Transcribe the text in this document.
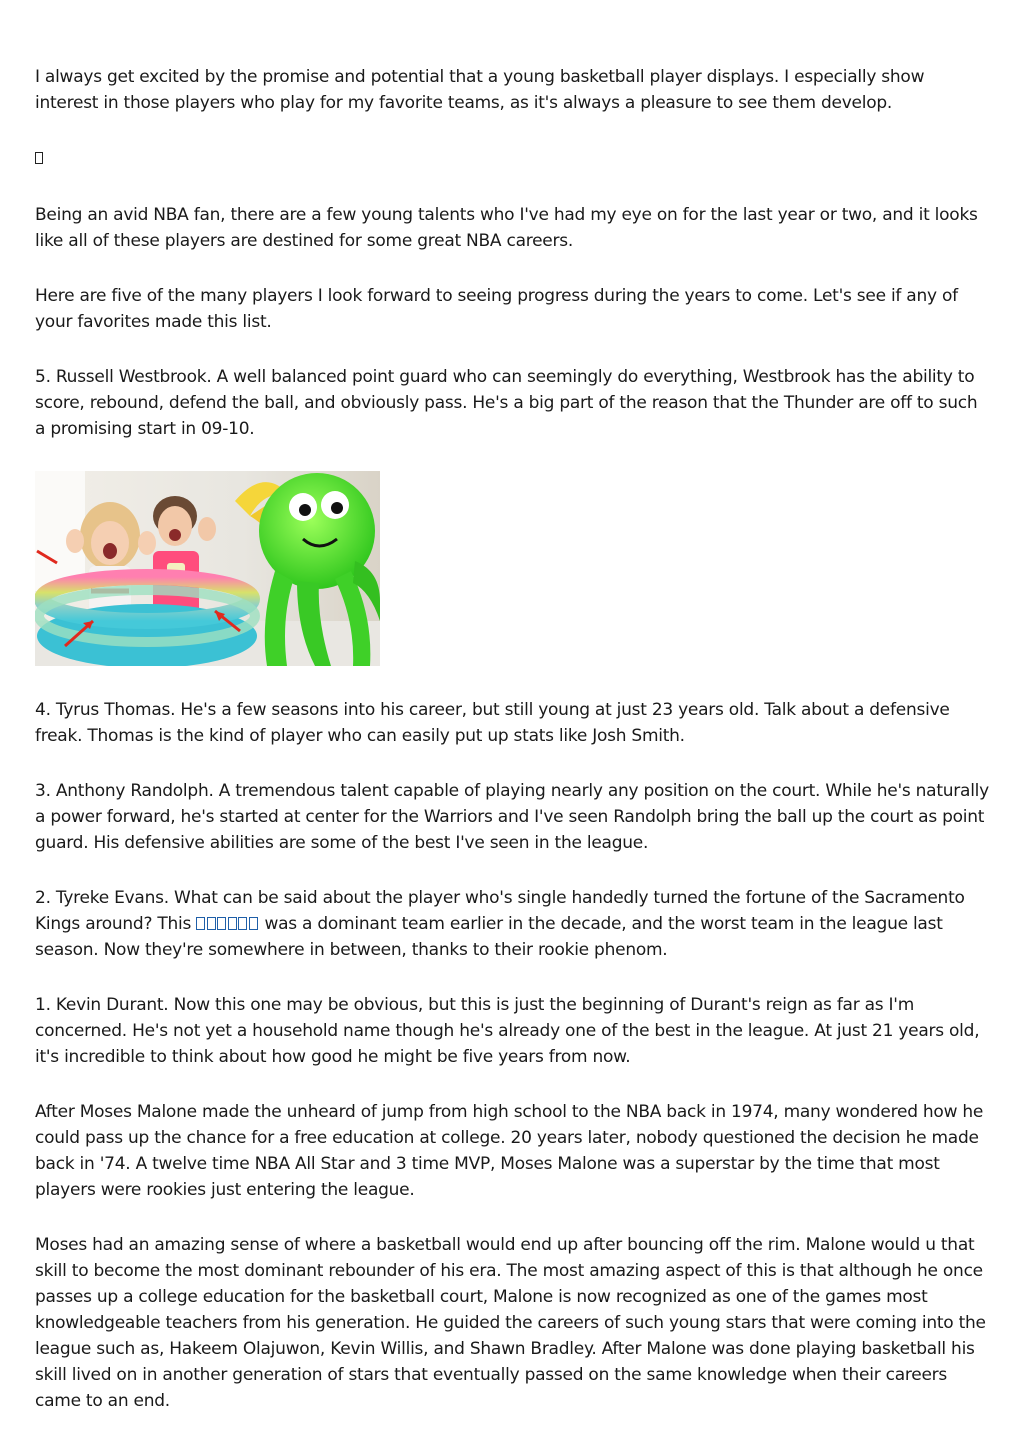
I always get excited by the promise and potential that a young basketball player displays. I especially show interest in those players who play for my favorite teams, as it's always a pleasure to see them develop.

Being an avid NBA fan, there are a few young talents who I've had my eye on for the last year or two, and it looks like all of these players are destined for some great NBA careers.

Here are five of the many players I look forward to seeing progress during the years to come. Let's see if any of your favorites made this list.

5. Russell Westbrook. A well balanced point guard who can seemingly do everything, Westbrook has the ability to score, rebound, defend the ball, and obviously pass. He's a big part of the reason that the Thunder are off to such a promising start in 09-10.

4. Tyrus Thomas. He's a few seasons into his career, but still young at just 23 years old. Talk about a defensive freak. Thomas is the kind of player who can easily put up stats like Josh Smith.

3. Anthony Randolph. A tremendous talent capable of playing nearly any position on the court. While he's naturally a power forward, he's started at center for the Warriors and I've seen Randolph bring the ball up the court as point guard. His defensive abilities are some of the best I've seen in the league.

2. Tyreke Evans. What can be said about the player who's single handedly turned the fortune of the Sacramento Kings around? This	was a dominant team earlier in the decade, and the worst team in the league last season. Now they're somewhere in between, thanks to their rookie phenom.

1. Kevin Durant. Now this one may be obvious, but this is just the beginning of Durant's reign as far as I'm concerned. He's not yet a household name though he's already one of the best in the league. At just 21 years old, it's incredible to think about how good he might be five years from now.

After Moses Malone made the unheard of jump from high school to the NBA back in 1974, many wondered how he could pass up the chance for a free education at college. 20 years later, nobody questioned the decision he made back in '74. A twelve time NBA All Star and 3 time MVP, Moses Malone was a superstar by the time that most players were rookies just entering the league.

Moses had an amazing sense of where a basketball would end up after bouncing off the rim. Malone would u that skill to become the most dominant rebounder of his era. The most amazing aspect of this is that although he once passes up a college education for the basketball court, Malone is now recognized as one of the games most knowledgeable teachers from his generation. He guided the careers of such young stars that were coming into the league such as, Hakeem Olajuwon, Kevin Willis, and Shawn Bradley. After Malone was done playing basketball his skill lived on in another generation of stars that eventually passed on the same knowledge when their careers came to an end.
